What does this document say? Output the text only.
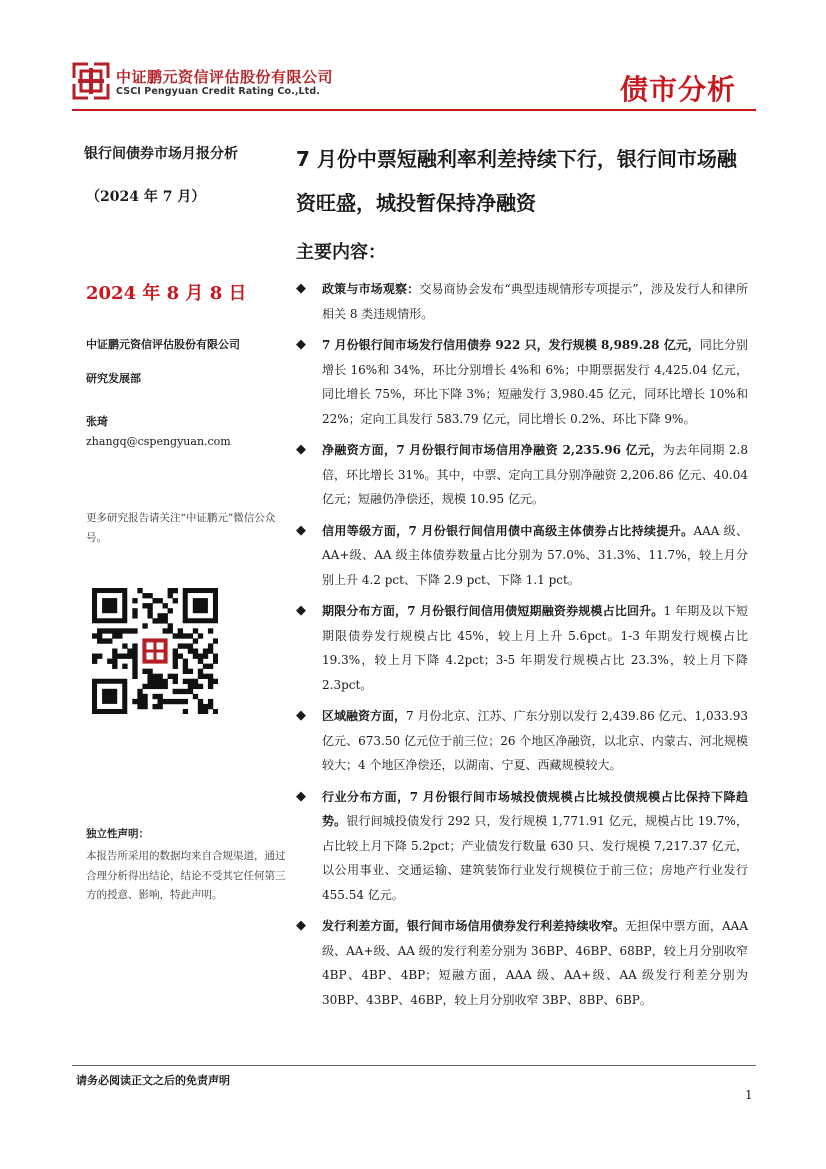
中证鹏元资信评估股份有限公司
CSCI Pengyuan Credit Rating Co.,Ltd.	债市分析
银行间债券市场月报分析
（2024 年 7 月）
2024 年 8 月 8 日
中证鹏元资信评估股份有限公司
研究发展部
张琦
zhangq@cspengyuan.com
更多研究报告请关注“中证鹏元”微信公众号。
独立性声明：
本报告所采用的数据均来自合规渠道，通过合理分析得出结论，结论不受其它任何第三方的授意、影响，特此声明。
7 月份中票短融利率利差持续下行，银行间市场融资旺盛，城投暂保持净融资
主要内容：
◆ 政策与市场观察：交易商协会发布“典型违规情形专项提示”，涉及发行人和律所相关 8 类违规情形。
◆ 7 月份银行间市场发行信用债券 922 只，发行规模 8,989.28 亿元，同比分别增长 16%和 34%，环比分别增长 4%和 6%；中期票据发行 4,425.04 亿元，同比增长 75%，环比下降 3%；短融发行 3,980.45 亿元，同环比增长 10%和 22%；定向工具发行 583.79 亿元，同比增长 0.2%、环比下降 9%。
◆ 净融资方面，7 月份银行间市场信用净融资 2,235.96 亿元，为去年同期 2.8 倍，环比增长 31%。其中，中票、定向工具分别净融资 2,206.86 亿元、40.04 亿元；短融仍净偿还，规模 10.95 亿元。
◆ 信用等级方面，7 月份银行间信用债中高级主体债券占比持续提升。AAA 级、AA+级、AA 级主体债券数量占比分别为 57.0%、31.3%、11.7%，较上月分别上升 4.2 pct、下降 2.9 pct、下降 1.1 pct。
◆ 期限分布方面，7 月份银行间信用债短期融资券规模占比回升。1 年期及以下短期限债券发行规模占比 45%，较上月上升 5.6pct。1-3 年期发行规模占比 19.3%，较上月下降 4.2pct；3-5 年期发行规模占比 23.3%，较上月下降 2.3pct。
◆ 区域融资方面，7 月份北京、江苏、广东分别以发行 2,439.86 亿元、1,033.93 亿元、673.50 亿元位于前三位；26 个地区净融资，以北京、内蒙古、河北规模较大；4 个地区净偿还，以湖南、宁夏、西藏规模较大。
◆ 行业分布方面，7 月份银行间市场城投债规模占比城投债规模占比保持下降趋势。银行间城投债发行 292 只，发行规模 1,771.91 亿元，规模占比 19.7%，占比较上月下降 5.2pct；产业债发行数量 630 只、发行规模 7,217.37 亿元，以公用事业、交通运输、建筑装饰行业发行规模位于前三位；房地产行业发行 455.54 亿元。
◆ 发行利差方面，银行间市场信用债券发行利差持续收窄。无担保中票方面，AAA 级、AA+级、AA 级的发行利差分别为 36BP、46BP、68BP，较上月分别收窄 4BP、4BP、4BP；短融方面，AAA 级、AA+级、AA 级发行利差分别为 30BP、43BP、46BP，较上月分别收窄 3BP、8BP、6BP。
请务必阅读正文之后的免责声明
1
